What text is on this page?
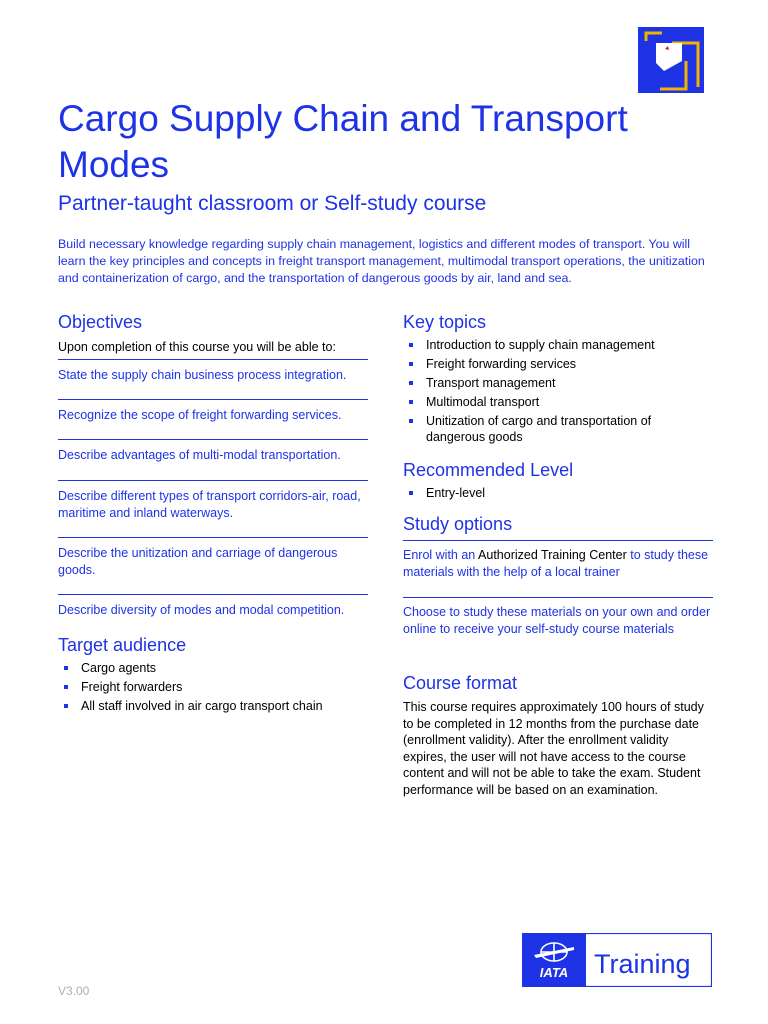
Cargo Supply Chain and Transport Modes
Partner-taught classroom or Self-study course

Build necessary knowledge regarding supply chain management, logistics and different modes of transport. You will learn the key principles and concepts in freight transport management, multimodal transport operations, the unitization and containerization of cargo, and the transportation of dangerous goods by air, land and sea.

Objectives

Upon completion of this course you will be able to:

State the supply chain business process integration.
Recognize the scope of freight forwarding services.
Describe advantages of multi-modal transportation.
Describe different types of transport corridors-air, road, maritime and inland waterways.
Describe the unitization and carriage of dangerous goods.
Describe diversity of modes and modal competition.
Target audience
Cargo agents
Freight forwarders
All staff involved in air cargo transport chain
Key topics
Introduction to supply chain management
Freight forwarding services
Transport management
Multimodal transport
Unitization of cargo and transportation of dangerous goods
Recommended Level
Entry-level
Study options
Enrol with an Authorized Training Center to study these materials with the help of a local trainer
Choose to study these materials on your own and order online to receive your self-study course materials
Course format

This course requires approximately 100 hours of study to be completed in 12 months from the purchase date (enrollment validity). After the enrollment validity expires, the user will not have access to the course content and will not be able to take the exam. Student performance will be based on an examination.

IATA Training
V3.00
